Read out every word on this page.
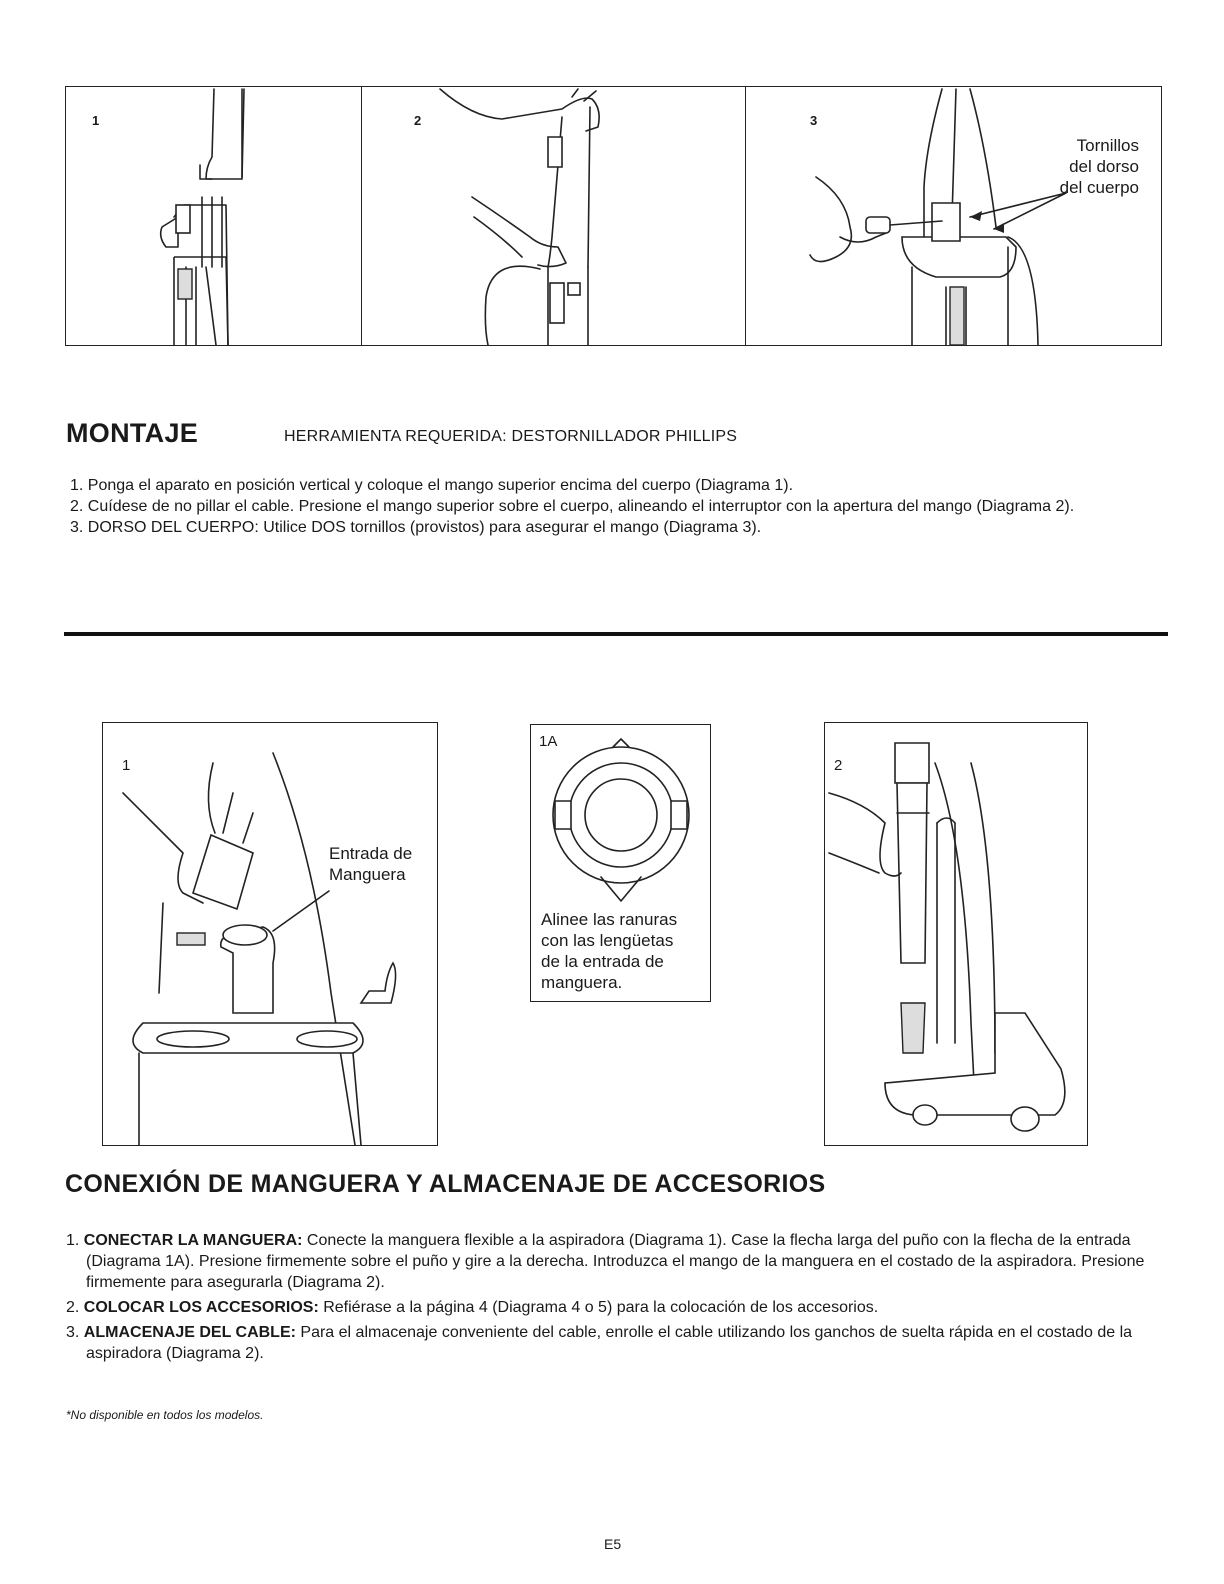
1	2	3
Tornillos
del dorso
del cuerpo
MONTAJE	HERRAMIENTA REQUERIDA: DESTORNILLADOR PHILLIPS
1. Ponga el aparato en posición vertical y coloque el mango superior encima del cuerpo (Diagrama 1).
2. Cuídese de no pillar el cable. Presione el mango superior sobre el cuerpo, alineando el interruptor con la apertura del mango (Diagrama 2).
3. DORSO DEL CUERPO: Utilice DOS tornillos (provistos) para asegurar el mango (Diagrama 3).
1
Entrada de
Manguera
1A
Alinee las ranuras
con las lengüetas
de la entrada de
manguera.
2
CONEXIÓN DE MANGUERA Y ALMACENAJE DE ACCESORIOS
1. CONECTAR LA MANGUERA: Conecte la manguera flexible a la aspiradora (Diagrama 1). Case la flecha larga del puño con la flecha de la entrada (Diagrama 1A). Presione firmemente sobre el puño y gire a la derecha. Introduzca el mango de la manguera en el costado de la aspiradora. Presione firmemente para asegurarla (Diagrama 2).
2. COLOCAR LOS ACCESORIOS: Refiérase a la página 4 (Diagrama 4 o 5) para la colocación de los accesorios.
3. ALMACENAJE DEL CABLE: Para el almacenaje conveniente del cable, enrolle el cable utilizando los ganchos de suelta rápida en el costado de la aspiradora (Diagrama 2).
*No disponible en todos los modelos.
E5
